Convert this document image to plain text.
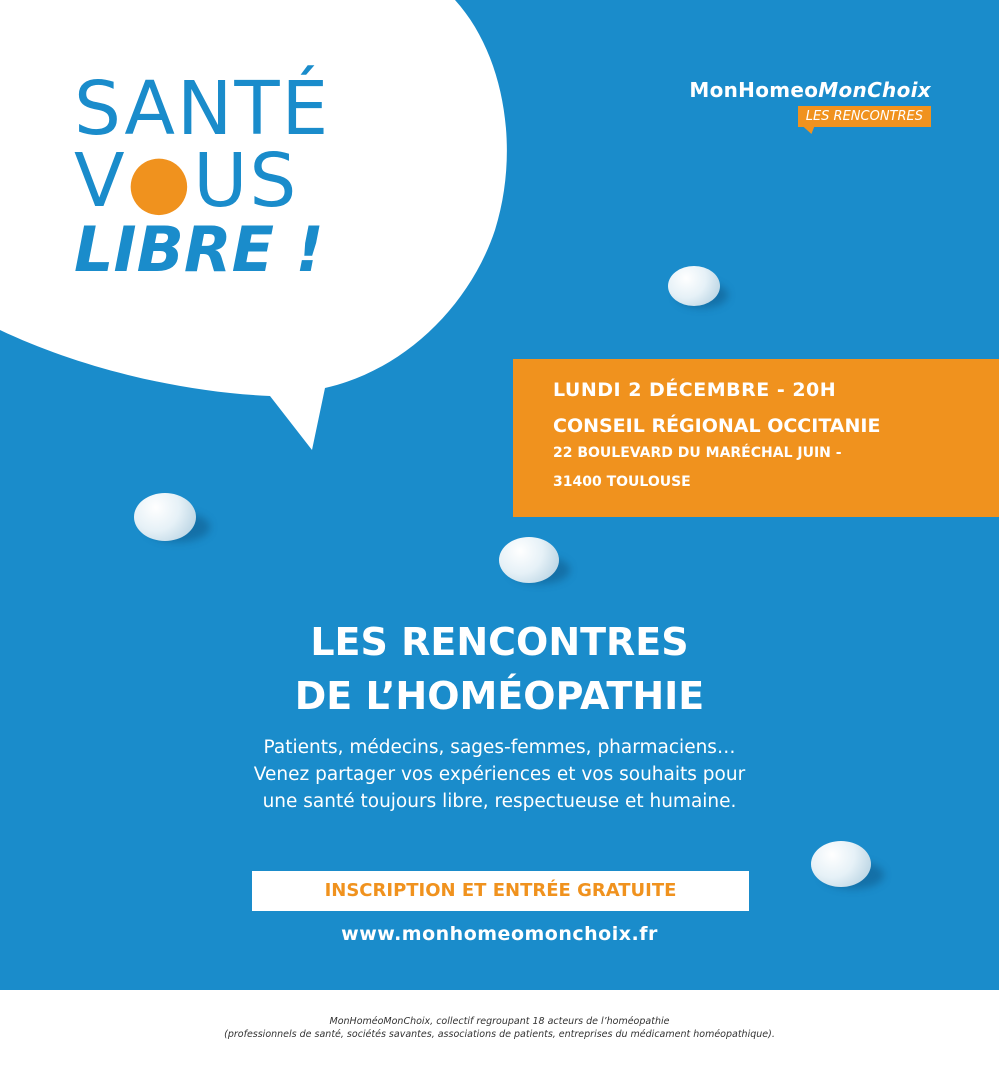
SANTÉ
V●US
LIBRE !
MonHomeoMonChoix
LES RENCONTRES
LUNDI 2 DÉCEMBRE - 20H
CONSEIL RÉGIONAL OCCITANIE
22 BOULEVARD DU MARÉCHAL JUIN -
31400 TOULOUSE
LES RENCONTRES
DE L’HOMÉOPATHIE
Patients, médecins, sages-femmes, pharmaciens…
Venez partager vos expériences et vos souhaits pour
une santé toujours libre, respectueuse et humaine.
INSCRIPTION ET ENTRÉE GRATUITE
www.monhomeomonchoix.fr
MonHoméoMonChoix, collectif regroupant 18 acteurs de l’homéopathie
(professionnels de santé, sociétés savantes, associations de patients, entreprises du médicament homéopathique).
